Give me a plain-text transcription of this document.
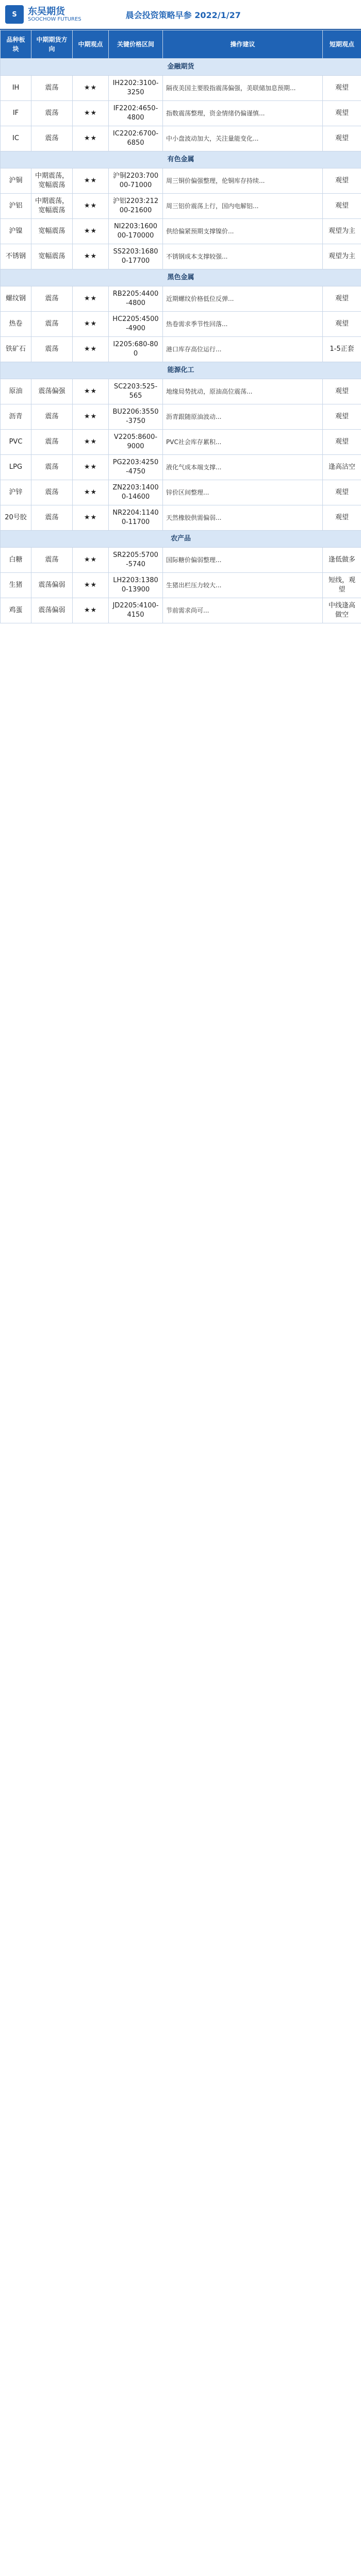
S	东吴期货
SOOCHOW FUTURES	晨会投资策略早参 2022/1/27
品种板块	中期期货方向	中期观点	关键价格区间	操作建议	短期观点
金融期货					
IH	震荡	★★	IH2202:3100-3250	隔夜美国主要股指震荡偏强，美联储加息预期...	观望
IF	震荡	★★	IF2202:4650-4800	指数震荡整理，资金情绪仍偏谨慎...	观望
IC	震荡	★★	IC2202:6700-6850	中小盘波动加大，关注量能变化...	观望
有色金属					
沪铜	中期震荡，宽幅震荡	★★	沪铜2203:70000-71000	周三铜价偏强整理，伦铜库存持续...	观望
沪铝	中期震荡，宽幅震荡	★★	沪铝2203:21200-21600	周三铝价震荡上行，国内电解铝...	观望
沪镍	宽幅震荡	★★	NI2203:160000-170000	供给偏紧预期支撑镍价...	观望为主
不锈钢	宽幅震荡	★★	SS2203:16800-17700	不锈钢成本支撑较强...	观望为主
黑色金属					
螺纹钢	震荡	★★	RB2205:4400-4800	近期螺纹价格低位反弹...	观望
热卷	震荡	★★	HC2205:4500-4900	热卷需求季节性回落...	观望
铁矿石	震荡	★★	I2205:680-800	港口库存高位运行...	1-5正套
能源化工					
原油	震荡偏强	★★	SC2203:525-565	地缘局势扰动，原油高位震荡...	观望
沥青	震荡	★★	BU2206:3550-3750	沥青跟随原油波动...	观望
PVC	震荡	★★	V2205:8600-9000	PVC社会库存累积...	观望
LPG	震荡	★★	PG2203:4250-4750	液化气成本端支撑...	逢高沽空
沪锌	震荡	★★	ZN2203:14000-14600	锌价区间整理...	观望
20号胶	震荡	★★	NR2204:11400-11700	天然橡胶供需偏弱...	观望
农产品					
白糖	震荡	★★	SR2205:5700-5740	国际糖价偏弱整理...	逢低做多
生猪	震荡偏弱	★★	LH2203:13800-13900	生猪出栏压力较大...	短线，观望
鸡蛋	震荡偏弱	★★	JD2205:4100-4150	节前需求尚可...	中线逢高做空
